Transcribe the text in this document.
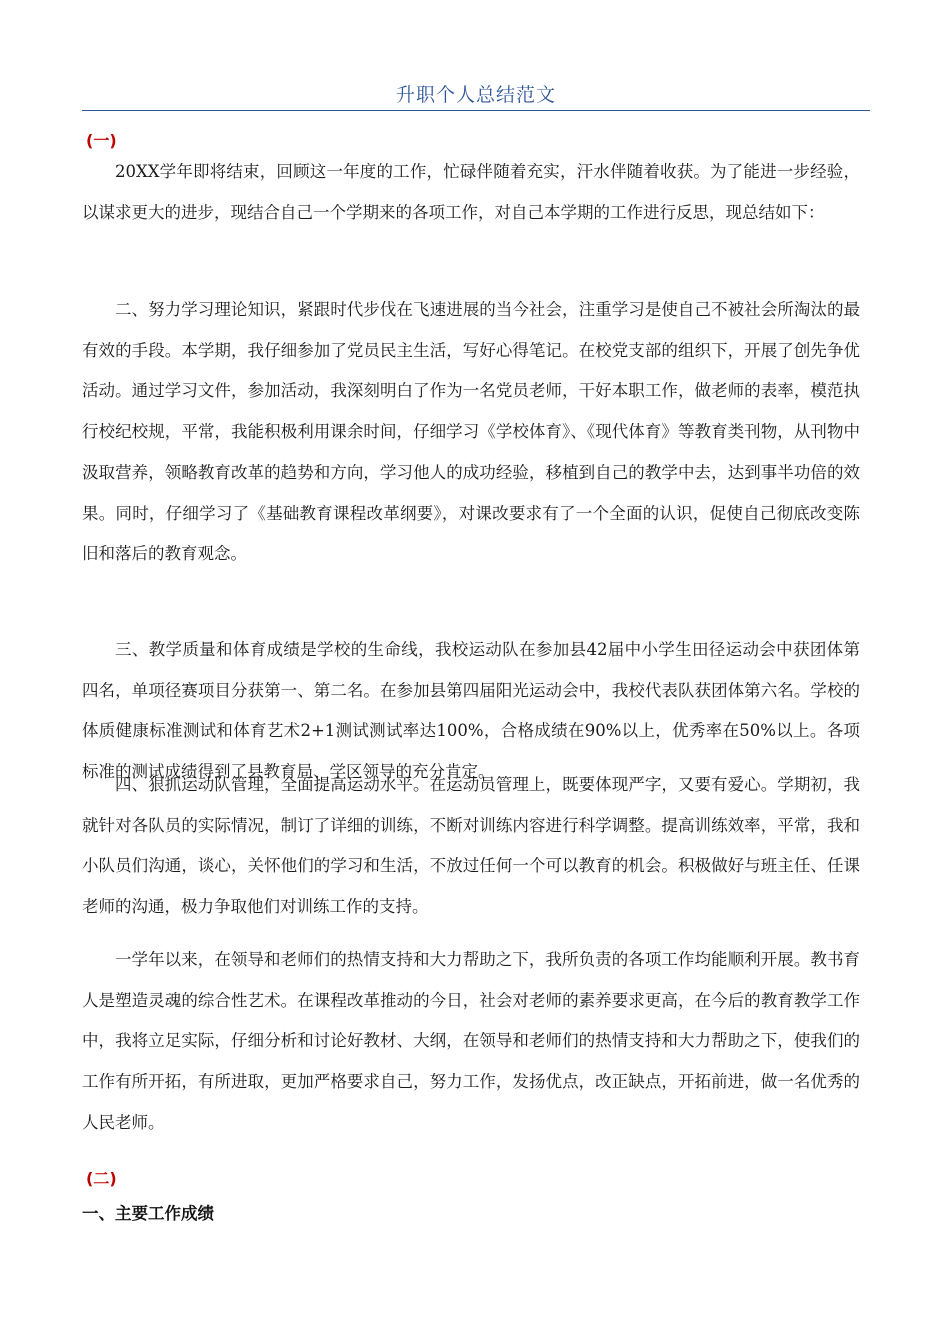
升职个人总结范文
(一)

20XX学年即将结束，回顾这一年度的工作，忙碌伴随着充实，汗水伴随着收获。为了能进一步经验，以谋求更大的进步，现结合自己一个学期来的各项工作，对自己本学期的工作进行反思，现总结如下：

二、努力学习理论知识，紧跟时代步伐在飞速进展的当今社会，注重学习是使自己不被社会所淘汰的最有效的手段。本学期，我仔细参加了党员民主生活，写好心得笔记。在校党支部的组织下，开展了创先争优活动。通过学习文件，参加活动，我深刻明白了作为一名党员老师，干好本职工作，做老师的表率，模范执行校纪校规，平常，我能积极利用课余时间，仔细学习《学校体育》、《现代体育》等教育类刊物，从刊物中汲取营养，领略教育改革的趋势和方向，学习他人的成功经验，移植到自己的教学中去，达到事半功倍的效果。同时，仔细学习了《基础教育课程改革纲要》，对课改要求有了一个全面的认识，促使自己彻底改变陈旧和落后的教育观念。

三、教学质量和体育成绩是学校的生命线，我校运动队在参加县42届中小学生田径运动会中获团体第四名，单项径赛项目分获第一、第二名。在参加县第四届阳光运动会中，我校代表队获团体第六名。学校的体质健康标准测试和体育艺术2+1测试测试率达100%，合格成绩在90%以上，优秀率在50%以上。各项标准的测试成绩得到了县教育局、学区领导的充分肯定。

四、狠抓运动队管理，全面提高运动水平。在运动员管理上，既要体现严字，又要有爱心。学期初，我就针对各队员的实际情况，制订了详细的训练，不断对训练内容进行科学调整。提高训练效率，平常，我和小队员们沟通，谈心，关怀他们的学习和生活，不放过任何一个可以教育的机会。积极做好与班主任、任课老师的沟通，极力争取他们对训练工作的支持。

一学年以来，在领导和老师们的热情支持和大力帮助之下，我所负责的各项工作均能顺利开展。教书育人是塑造灵魂的综合性艺术。在课程改革推动的今日，社会对老师的素养要求更高，在今后的教育教学工作中，我将立足实际，仔细分析和讨论好教材、大纲，在领导和老师们的热情支持和大力帮助之下，使我们的工作有所开拓，有所进取，更加严格要求自己，努力工作，发扬优点，改正缺点，开拓前进，做一名优秀的人民老师。

(二)
一、主要工作成绩
